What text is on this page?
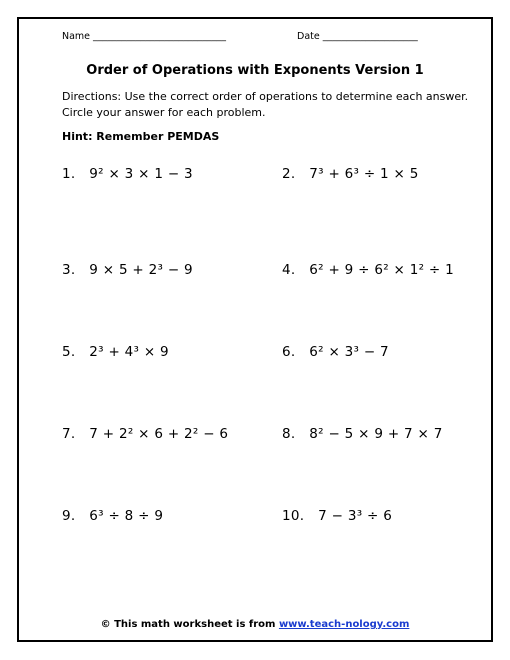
Name ____________________________	Date ____________________
Order of Operations with Exponents Version 1
Directions: Use the correct order of operations to determine each answer. Circle your answer for each problem.
Hint: Remember PEMDAS
1. 9² × 3 × 1 − 3	2. 7³ + 6³ ÷ 1 × 5
3. 9 × 5 + 2³ − 9	4. 6² + 9 ÷ 6² × 1² ÷ 1
5. 2³ + 4³ × 9	6. 6² × 3³ − 7
7. 7 + 2² × 6 + 2² − 6	8. 8² − 5 × 9 + 7 × 7
9. 6³ ÷ 8 ÷ 9	10. 7 − 3³ ÷ 6
© This math worksheet is from www.teach-nology.com
